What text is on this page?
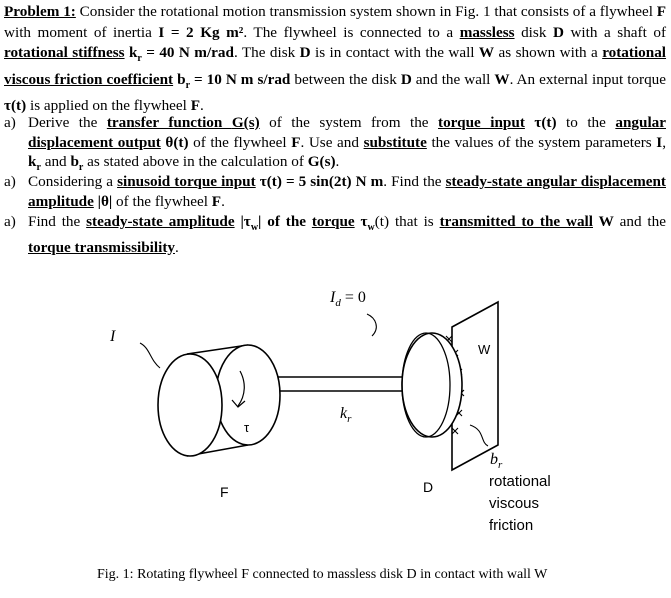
Problem 1: Consider the rotational motion transmission system shown in Fig. 1 that consists of a flywheel F with moment of inertia I = 2 Kg m². The flywheel is connected to a massless disk D with a shaft of rotational stiffness $k_r = 40$ N m/rad. The disk D is in contact with the wall W as shown with a rotational viscous friction coefficient $b_r = 10$ N m s/rad between the disk D and the wall W. An external input torque τ(t) is applied on the flywheel F.
a) Derive the transfer function G(s) of the system from the torque input τ(t) to the angular displacement output θ(t) of the flywheel F. Use and substitute the values of the system parameters I, $k_r$ and $b_r$ as stated above in the calculation of G(s).
a) Considering a sinusoid torque input τ(t) = 5 sin(2t) N m. Find the steady-state angular displacement amplitude |θ| of the flywheel F.
a) Find the steady-state amplitude $|\tau_w|$ of the torque $\tau_w(t)$ that is transmitted to the wall W and the torque transmissibility.
I
$I_d = 0$
τ
$k_r$
W
$b_r$
rotational
viscous
friction
F	D
Fig. 1: Rotating flywheel F connected to massless disk D in contact with wall W
